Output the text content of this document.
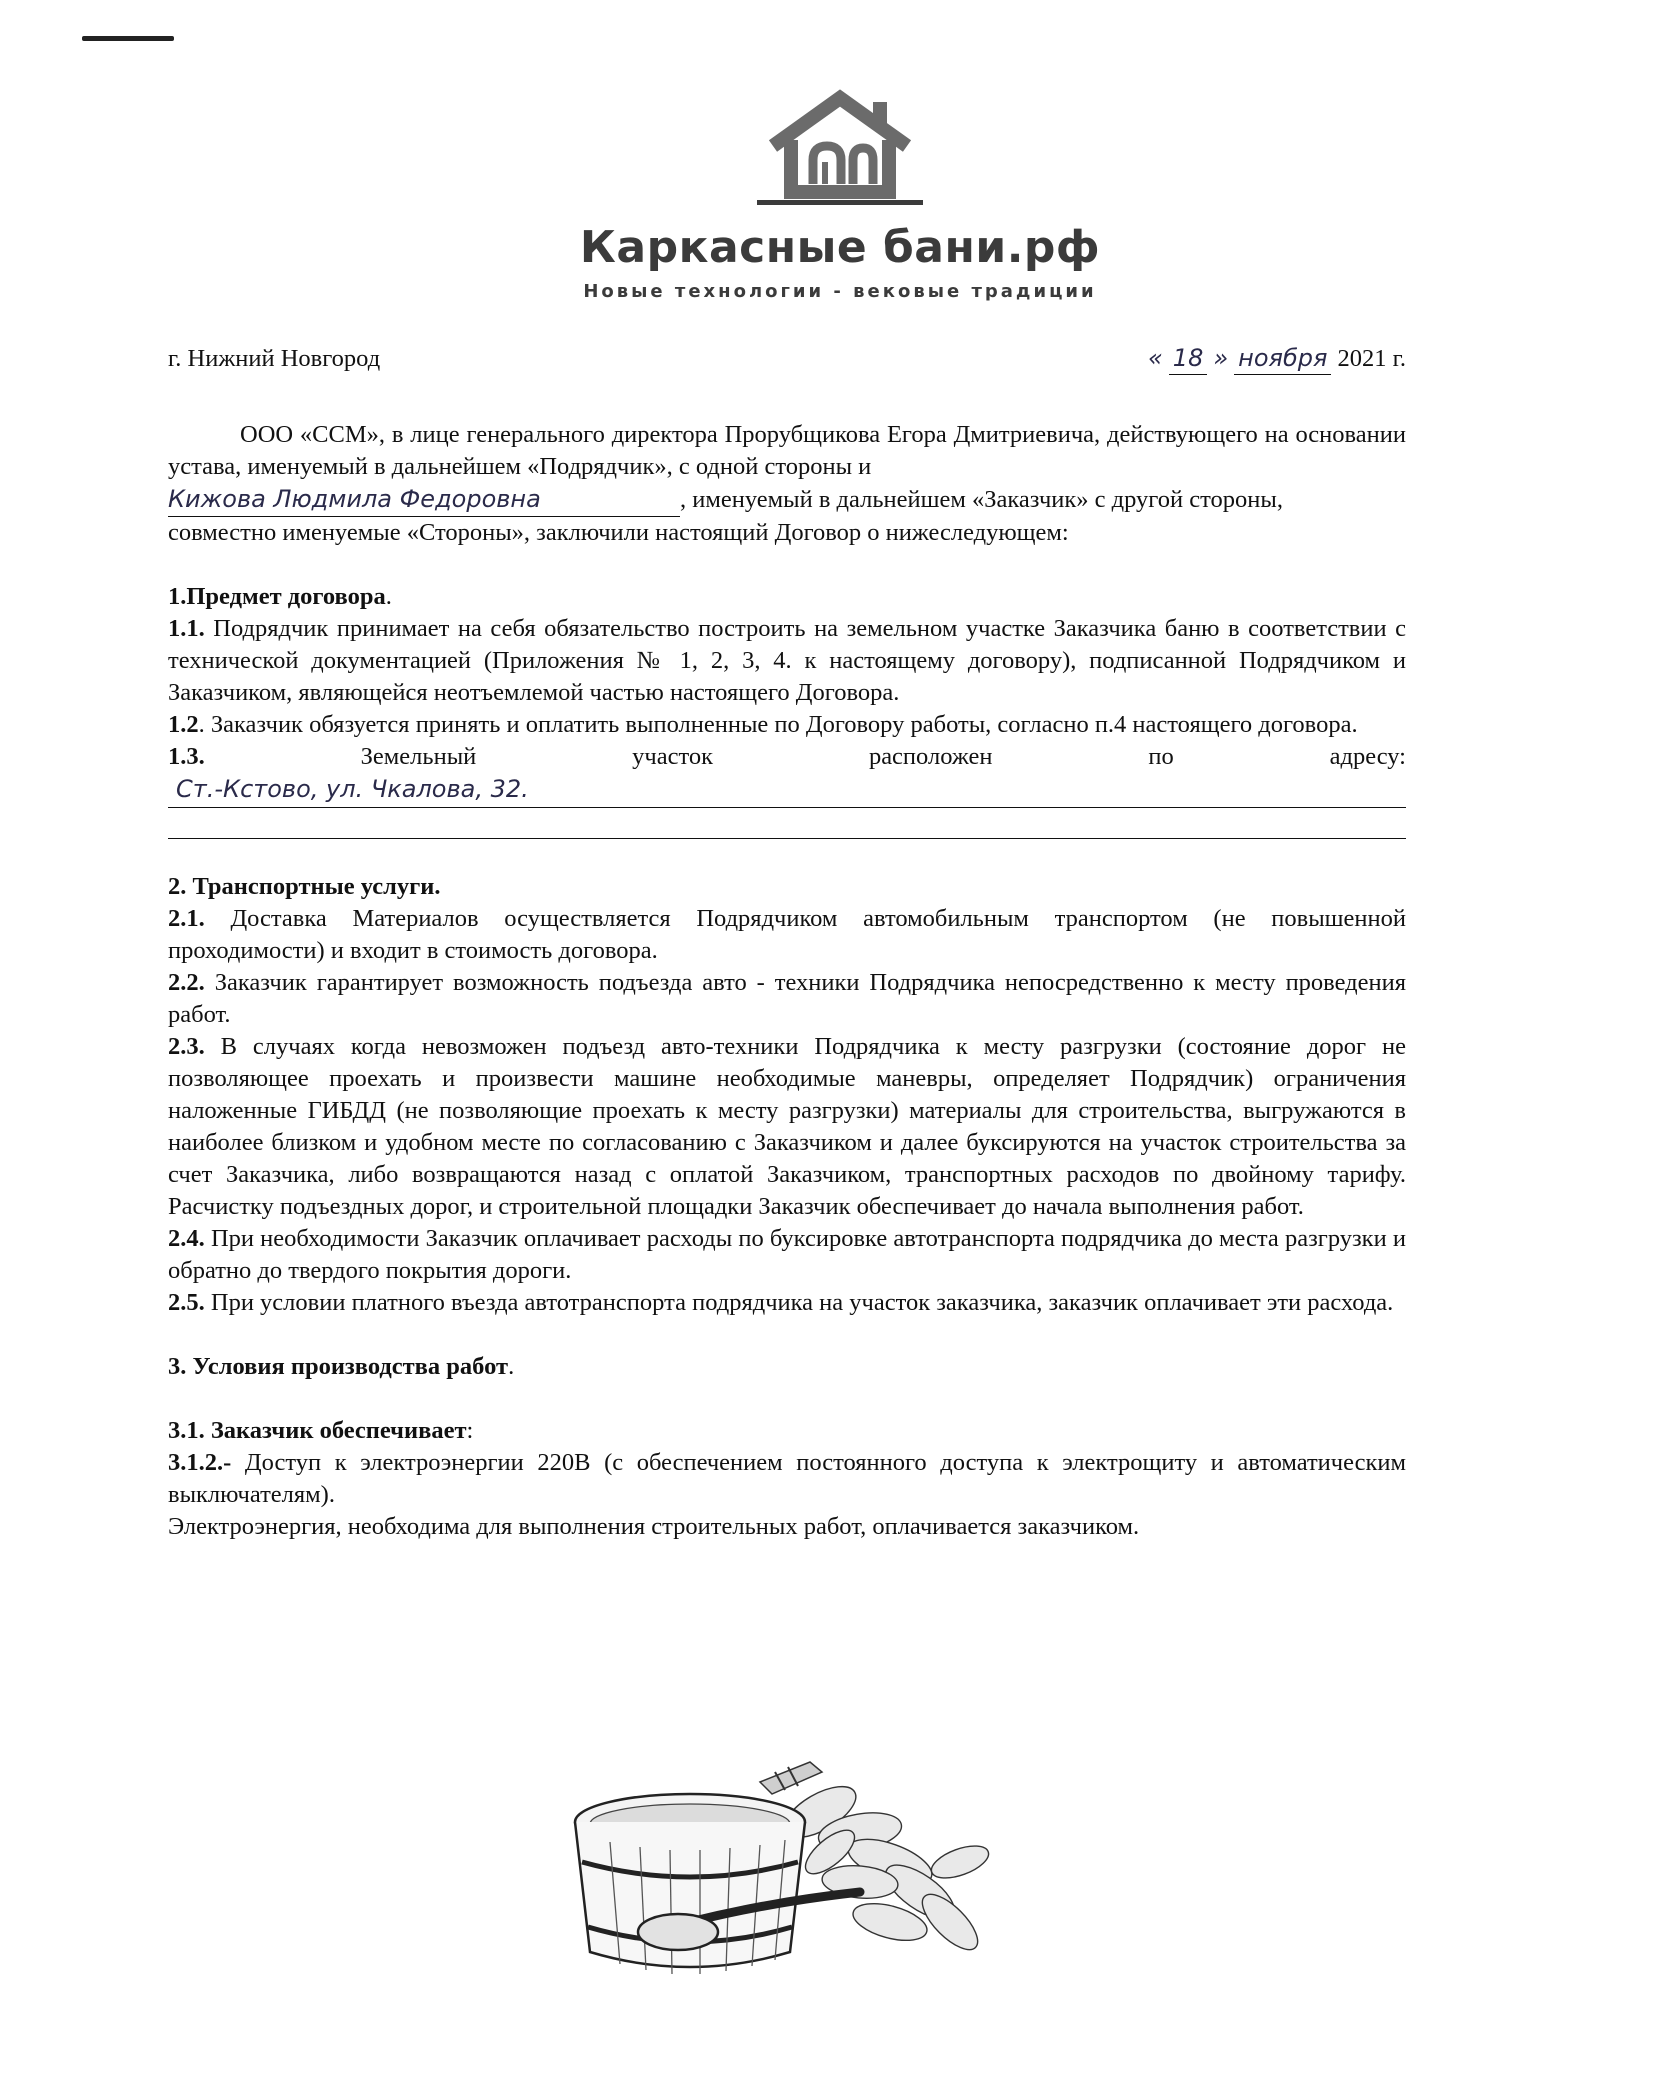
Каркасные бани.рф
Новые технологии - вековые традиции
г. Нижний Новгород	« 18 » ноября 2021 г.

ООО «ССМ», в лице генерального директора Прорубщикова Егора Дмитриевича, действующего на основании устава, именуемый в дальнейшем «Подрядчик», с одной стороны и

Кижова Людмила Федоровна	, именуемый в дальнейшем «Заказчик» с другой стороны,

совместно именуемые «Стороны», заключили настоящий Договор о нижеследующем:

1.Предмет договора.

1.1. Подрядчик принимает на себя обязательство построить на земельном участке Заказчика баню в соответствии с технической документацией (Приложения № 1, 2, 3, 4. к настоящему договору), подписанной Подрядчиком и Заказчиком, являющейся неотъемлемой частью настоящего Договора.

1.2. Заказчик обязуется принять и оплатить выполненные по Договору работы, согласно п.4 настоящего договора.

1.3.	Земельный	участок	расположен	по	адресу:
Ст.-Кстово, ул. Чкалова, 32.

2. Транспортные услуги.

2.1. Доставка Материалов осуществляется Подрядчиком автомобильным транспортом (не повышенной проходимости) и входит в стоимость договора.

2.2. Заказчик гарантирует возможность подъезда авто - техники Подрядчика непосредственно к месту проведения работ.

2.3. В случаях когда невозможен подъезд авто-техники Подрядчика к месту разгрузки (состояние дорог не позволяющее проехать и произвести машине необходимые маневры, определяет Подрядчик) ограничения наложенные ГИБДД (не позволяющие проехать к месту разгрузки) материалы для строительства, выгружаются в наиболее близком и удобном месте по согласованию с Заказчиком и далее буксируются на участок строительства за счет Заказчика, либо возвращаются назад с оплатой Заказчиком, транспортных расходов по двойному тарифу. Расчистку подъездных дорог, и строительной площадки Заказчик обеспечивает до начала выполнения работ.

2.4. При необходимости Заказчик оплачивает расходы по буксировке автотранспорта подрядчика до места разгрузки и обратно до твердого покрытия дороги.

2.5. При условии платного въезда автотранспорта подрядчика на участок заказчика, заказчик оплачивает эти расхода.

3. Условия производства работ.

3.1. Заказчик обеспечивает:

3.1.2.- Доступ к электроэнергии 220В (с обеспечением постоянного доступа к электрощиту и автоматическим выключателям).

Электроэнергия, необходима для выполнения строительных работ, оплачивается заказчиком.
